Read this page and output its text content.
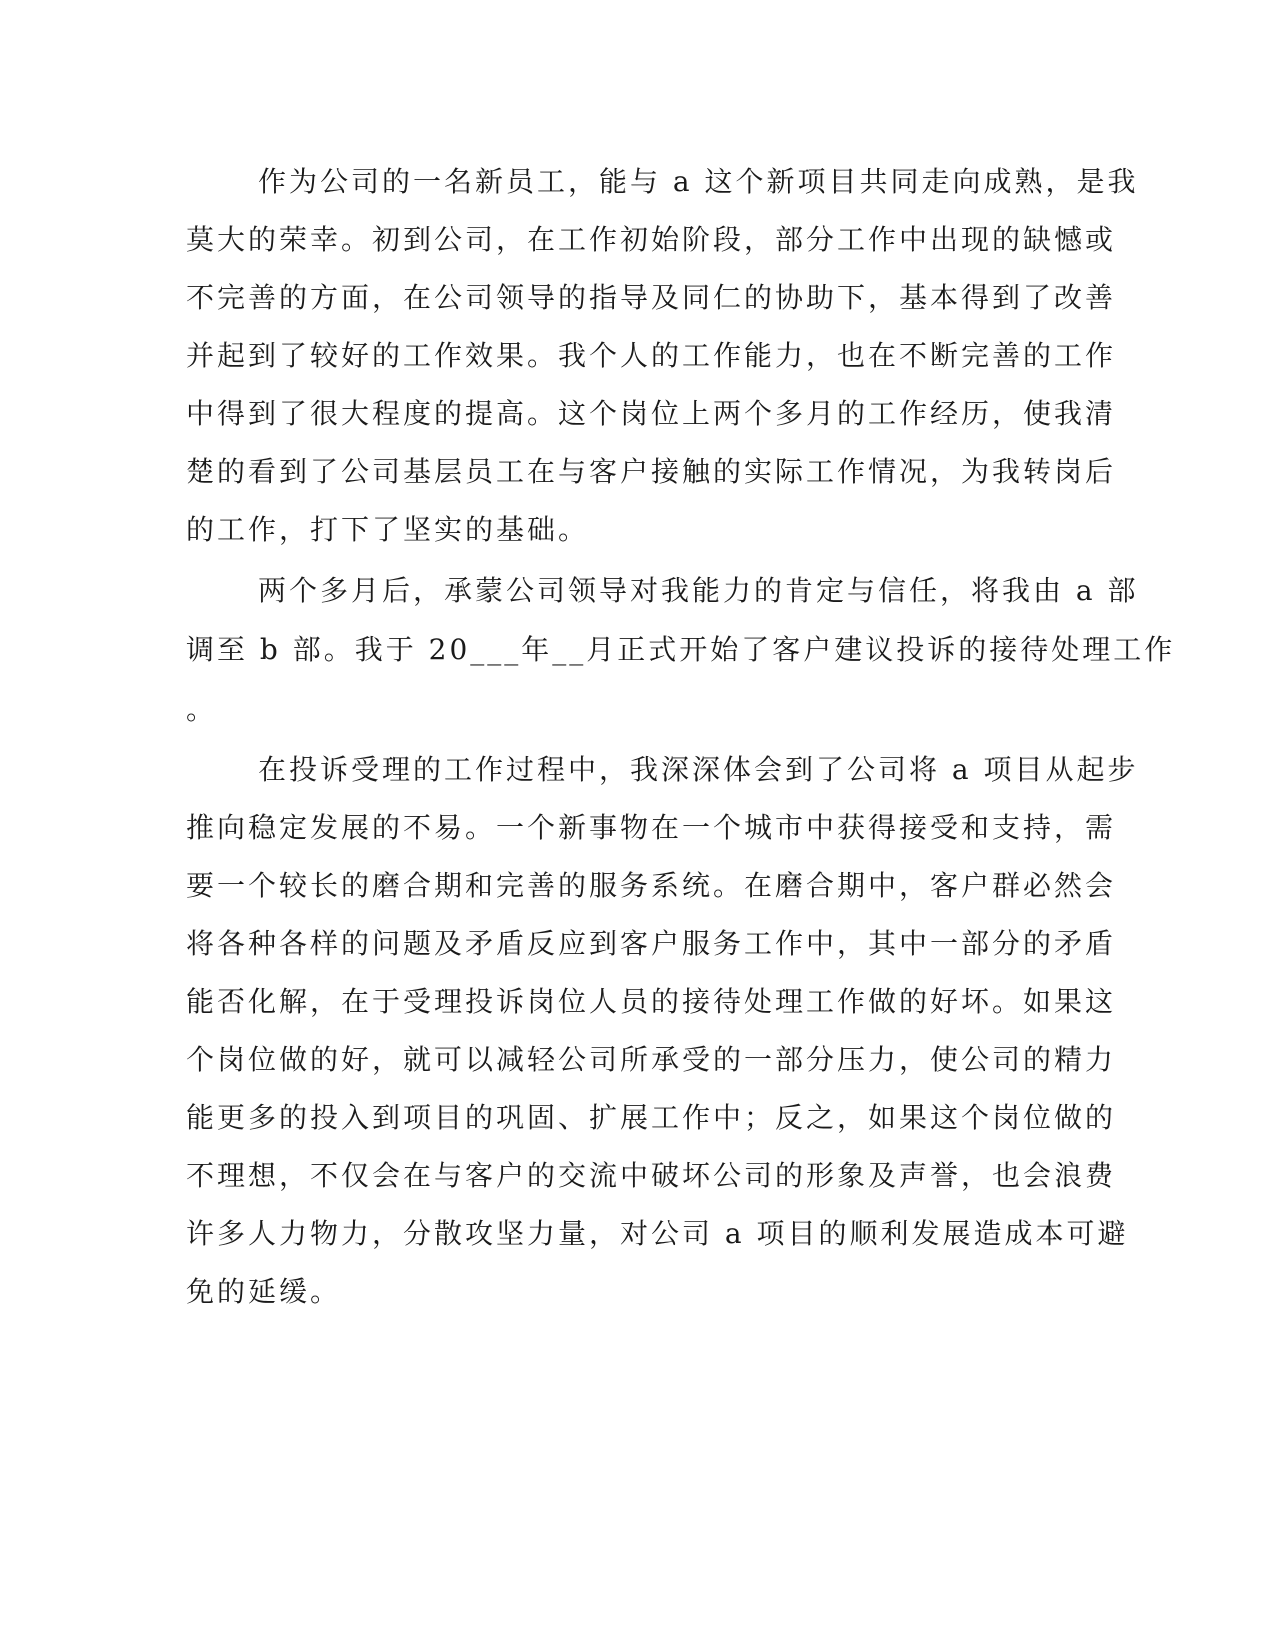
作为公司的一名新员工，能与 a 这个新项目共同走向成熟，是我

莫大的荣幸。初到公司，在工作初始阶段，部分工作中出现的缺憾或

不完善的方面，在公司领导的指导及同仁的协助下，基本得到了改善

并起到了较好的工作效果。我个人的工作能力，也在不断完善的工作

中得到了很大程度的提高。这个岗位上两个多月的工作经历，使我清

楚的看到了公司基层员工在与客户接触的实际工作情况，为我转岗后

的工作，打下了坚实的基础。

两个多月后，承蒙公司领导对我能力的肯定与信任，将我由 a 部

调至 b 部。我于 20___年__月正式开始了客户建议投诉的接待处理工作

。

在投诉受理的工作过程中，我深深体会到了公司将 a 项目从起步

推向稳定发展的不易。一个新事物在一个城市中获得接受和支持，需

要一个较长的磨合期和完善的服务系统。在磨合期中，客户群必然会

将各种各样的问题及矛盾反应到客户服务工作中，其中一部分的矛盾

能否化解，在于受理投诉岗位人员的接待处理工作做的好坏。如果这

个岗位做的好，就可以减轻公司所承受的一部分压力，使公司的精力

能更多的投入到项目的巩固、扩展工作中；反之，如果这个岗位做的

不理想，不仅会在与客户的交流中破坏公司的形象及声誉，也会浪费

许多人力物力，分散攻坚力量，对公司 a 项目的顺利发展造成本可避

免的延缓。
